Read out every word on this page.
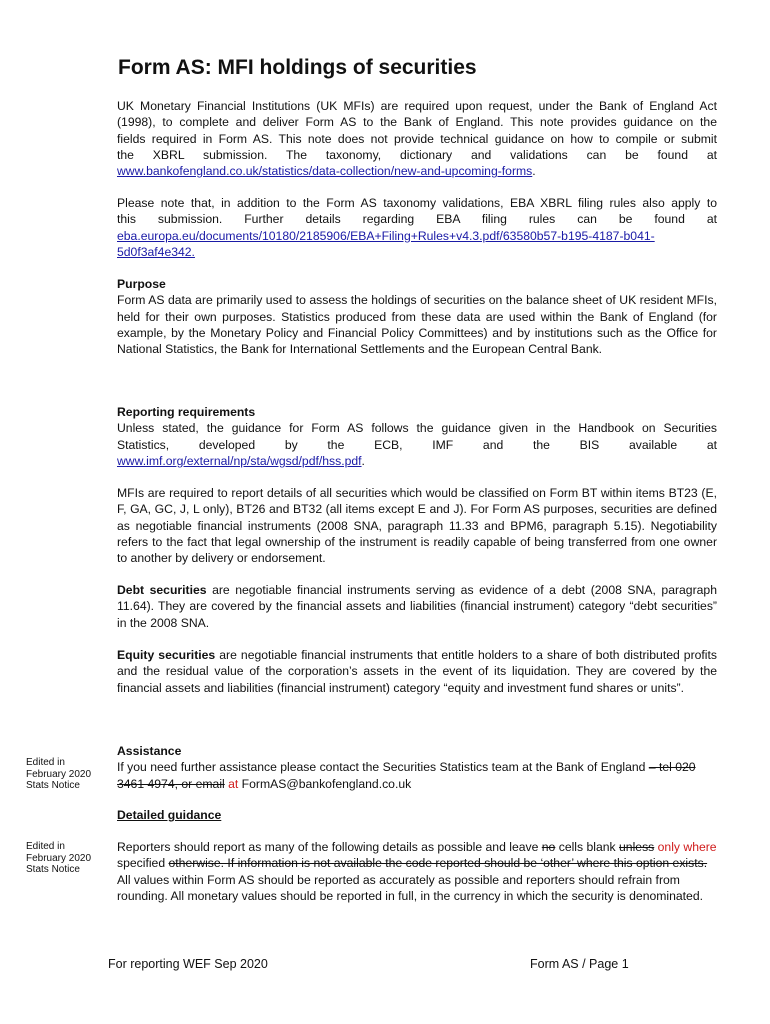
Form AS: MFI holdings of securities

UK Monetary Financial Institutions (UK MFIs) are required upon request, under the Bank of England Act

(1998), to complete and deliver Form AS to the Bank of England. This note provides guidance on the

fields required in Form AS. This note does not provide technical guidance on how to compile or submit

the XBRL submission. The taxonomy, dictionary and validations can be found at

www.bankofengland.co.uk/statistics/data-collection/new-and-upcoming-forms.

Please note that, in addition to the Form AS taxonomy validations, EBA XBRL filing rules also apply to

this submission. Further details regarding EBA filing rules can be found at

eba.europa.eu/documents/10180/2185906/EBA+Filing+Rules+v4.3.pdf/63580b57-b195-4187-b041-

5d0f3af4e342.

Purpose

Form AS data are primarily used to assess the holdings of securities on the balance sheet of UK resident MFIs, held for their own purposes. Statistics produced from these data are used within the Bank of England (for example, by the Monetary Policy and Financial Policy Committees) and by institutions such as the Office for National Statistics, the Bank for International Settlements and the European Central Bank.

Reporting requirements

Unless stated, the guidance for Form AS follows the guidance given in the Handbook on Securities

Statistics, developed by the ECB, IMF and the BIS available at

www.imf.org/external/np/sta/wgsd/pdf/hss.pdf.

MFIs are required to report details of all securities which would be classified on Form BT within items BT23 (E, F, GA, GC, J, L only), BT26 and BT32 (all items except E and J). For Form AS purposes, securities are defined as negotiable financial instruments (2008 SNA, paragraph 11.33 and BPM6, paragraph 5.15). Negotiability refers to the fact that legal ownership of the instrument is readily capable of being transferred from one owner to another by delivery or endorsement.

Debt securities are negotiable financial instruments serving as evidence of a debt (2008 SNA, paragraph 11.64). They are covered by the financial assets and liabilities (financial instrument) category “debt securities” in the 2008 SNA.

Equity securities are negotiable financial instruments that entitle holders to a share of both distributed profits and the residual value of the corporation’s assets in the event of its liquidation. They are covered by the financial assets and liabilities (financial instrument) category “equity and investment fund shares or units”.

Edited in
February 2020
Stats Notice

Assistance

If you need further assistance please contact the Securities Statistics team at the Bank of England – tel 020 3461 4974, or email at FormAS@bankofengland.co.uk

Detailed guidance

Edited in
February 2020
Stats Notice

Reporters should report as many of the following details as possible and leave no cells blank unless only where specified otherwise. If information is not available the code reported should be ‘other’ where this option exists. All values within Form AS should be reported as accurately as possible and reporters should refrain from rounding. All monetary values should be reported in full, in the currency in which the security is denominated.

For reporting WEF Sep 2020	Form AS / Page 1
